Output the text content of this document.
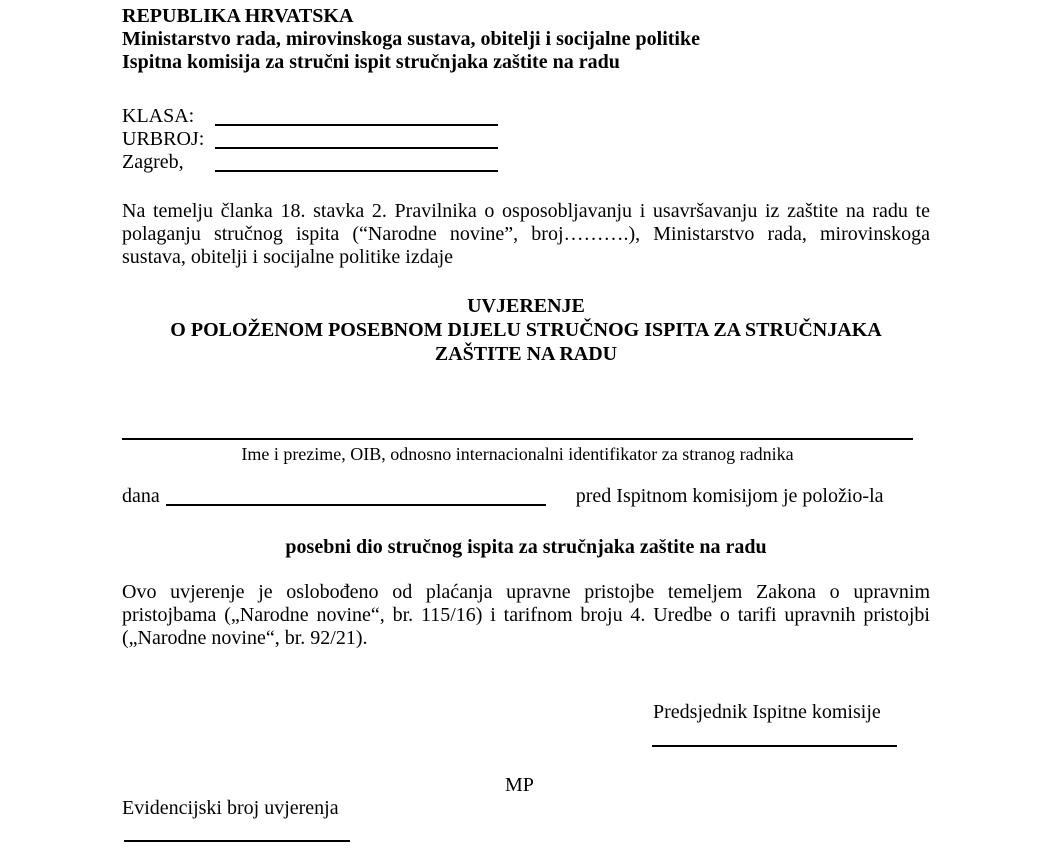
REPUBLIKA HRVATSKA
Ministarstvo rada, mirovinskoga sustava, obitelji i socijalne politike
Ispitna komisija za stručni ispit stručnjaka zaštite na radu
KLASA:
URBROJ:
Zagreb,
Na temelju članka 18. stavka 2. Pravilnika o osposobljavanju i usavršavanju iz zaštite na radu te polaganju stručnog ispita (“Narodne novine”, broj……….), Ministarstvo rada, mirovinskoga sustava, obitelji i socijalne politike izdaje
UVJERENJE
O POLOŽENOM POSEBNOM DIJELU STRUČNOG ISPITA ZA STRUČNJAKA
ZAŠTITE NA RADU
Ime i prezime, OIB, odnosno internacionalni identifikator za stranog radnika
dana	pred Ispitnom komisijom je položio-la
posebni dio stručnog ispita za stručnjaka zaštite na radu
Ovo uvjerenje je oslobođeno od plaćanja upravne pristojbe temeljem Zakona o upravnim pristojbama („Narodne novine“, br. 115/16) i tarifnom broju 4. Uredbe o tarifi upravnih pristojbi („Narodne novine“, br. 92/21).
Predsjednik Ispitne komisije
MP
Evidencijski broj uvjerenja
